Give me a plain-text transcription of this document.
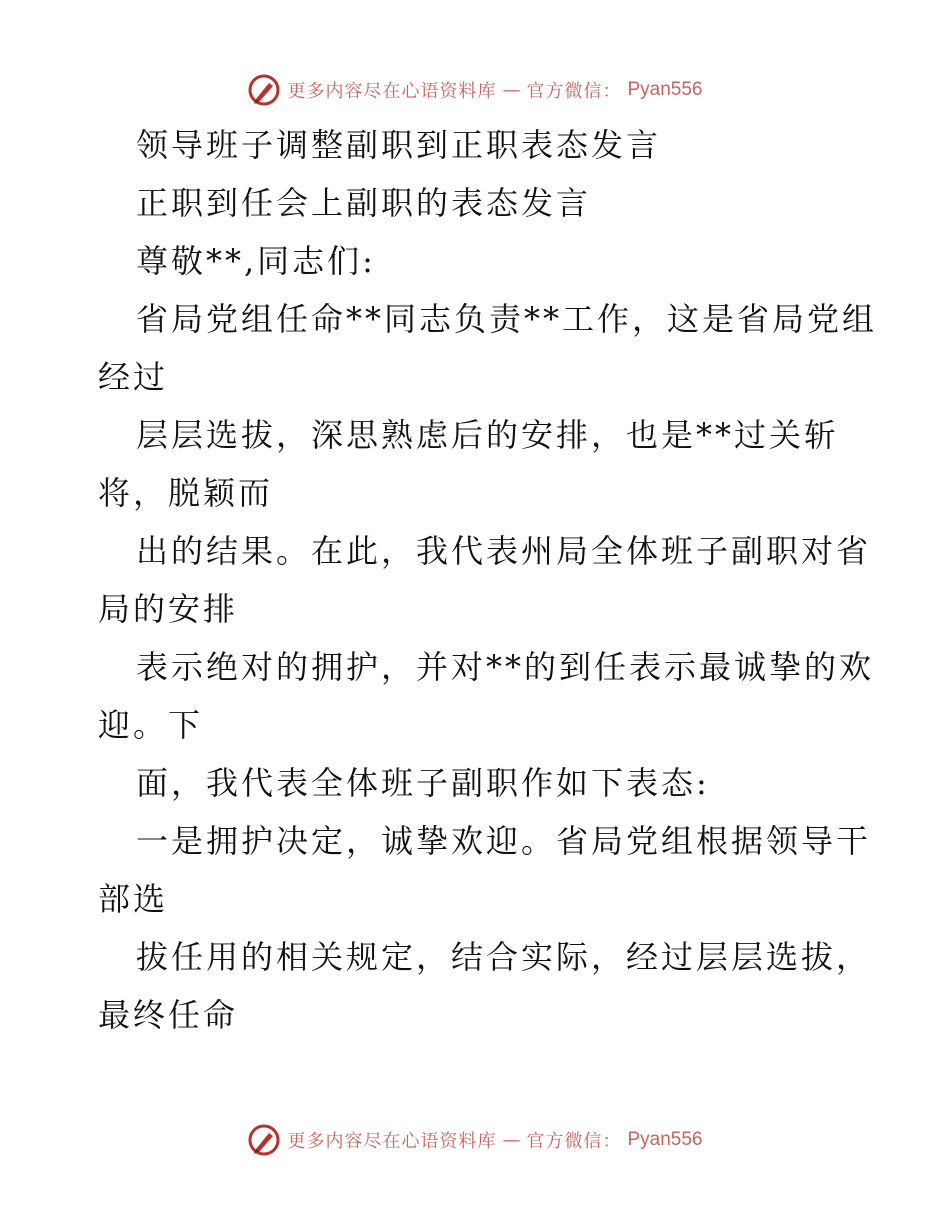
更多内容尽在心语资料库 — 官方微信： Pyan556
领导班子调整副职到正职表态发言
正职到任会上副职的表态发言
尊敬**,同志们:
省局党组任命**同志负责**工作，这是省局党组
经过
层层选拔，深思熟虑后的安排，也是**过关斩
将，脱颖而
出的结果。在此，我代表州局全体班子副职对省
局的安排
表示绝对的拥护，并对**的到任表示最诚挚的欢
迎。下
面，我代表全体班子副职作如下表态:
一是拥护决定，诚挚欢迎。省局党组根据领导干
部选
拔任用的相关规定，结合实际，经过层层选拔，
最终任命
更多内容尽在心语资料库 — 官方微信： Pyan556
